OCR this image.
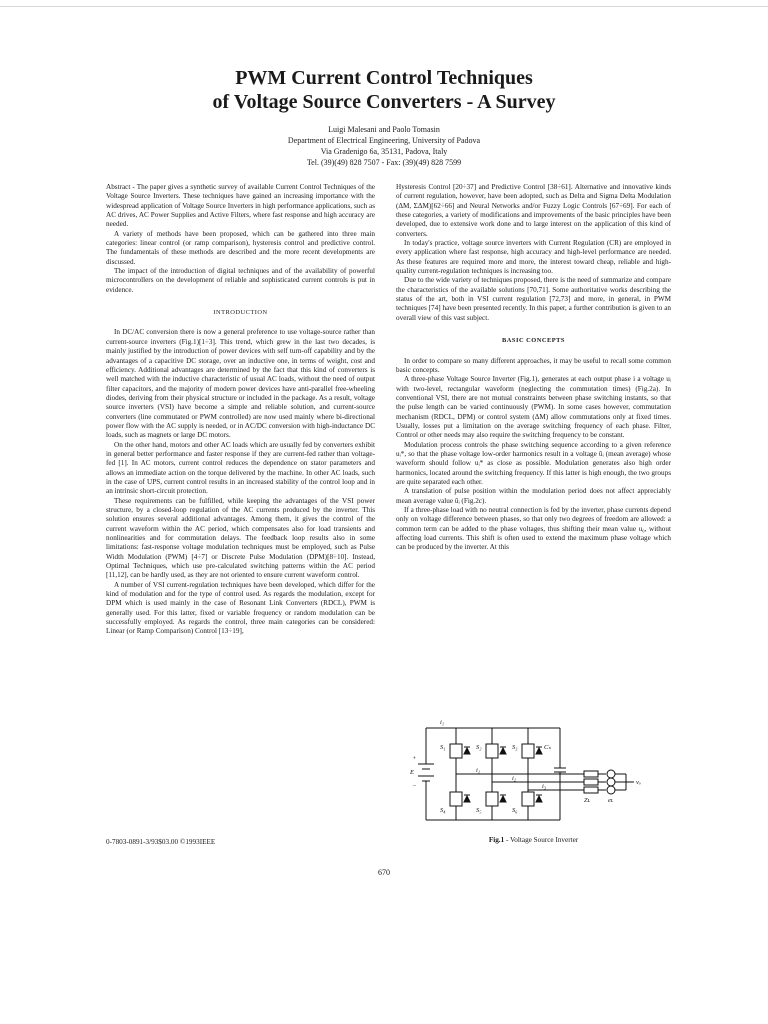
PWM Current Control Techniques
of Voltage Source Converters - A Survey
Luigi Malesani and Paolo Tomasin
Department of Electrical Engineering, University of Padova
Via Gradenigo 6a, 35131, Padova, Italy
Tel. (39)(49) 828 7507 - Fax: (39)(49) 828 7599

Abstract - The paper gives a synthetic survey of available Current Control Techniques of the Voltage Source Inverters. These techniques have gained an increasing importance with the widespread application of Voltage Source Inverters in high performance applications, such as AC drives, AC Power Supplies and Active Filters, where fast response and high accuracy are needed.

A variety of methods have been proposed, which can be gathered into three main categories: linear control (or ramp comparison), hysteresis control and predictive control. The fundamentals of these methods are described and the more recent developments are discussed.

The impact of the introduction of digital techniques and of the availability of powerful microcontrollers on the development of reliable and sophisticated current controls is put in evidence.

INTRODUCTION

In DC/AC conversion there is now a general preference to use voltage-source rather than current-source inverters (Fig.1)[1÷3]. This trend, which grew in the last two decades, is mainly justified by the introduction of power devices with self turn-off capability and by the advantages of a capacitive DC storage, over an inductive one, in terms of weight, cost and efficiency. Additional advantages are determined by the fact that this kind of converters is well matched with the inductive characteristic of usual AC loads, without the need of output filter capacitors, and the majority of modern power devices have anti-parallel free-wheeling diodes, deriving from their physical structure or included in the package. As a result, voltage source inverters (VSI) have become a simple and reliable solution, and current-source converters (line commutated or PWM controlled) are now used mainly where bi-directional power flow with the AC supply is needed, or in AC/DC conversion with high-inductance DC loads, such as magnets or large DC motors.

On the other hand, motors and other AC loads which are usually fed by converters exhibit in general better performance and faster response if they are current-fed rather than voltage-fed [1]. In AC motors, current control reduces the dependence on stator parameters and allows an immediate action on the torque delivered by the machine. In other AC loads, such in the case of UPS, current control results in an increased stability of the control loop and in an intrinsic short-circuit protection.

These requirements can be fulfilled, while keeping the advantages of the VSI power structure, by a closed-loop regulation of the AC currents produced by the inverter. This solution ensures several additional advantages. Among them, it gives the control of the current waveform within the AC period, which compensates also for load transients and nonlinearities and for commutation delays. The feedback loop results also in some limitations: fast-response voltage modulation techniques must be employed, such as Pulse Width Modulation (PWM) [4÷7] or Discrete Pulse Modulation (DPM)[8÷10]. Instead, Optimal Techniques, which use pre-calculated switching patterns within the AC period [11,12], can be hardly used, as they are not oriented to ensure current waveform control.

A number of VSI current-regulation techniques have been developed, which differ for the kind of modulation and for the type of control used. As regards the modulation, except for DPM which is used mainly in the case of Resonant Link Converters (RDCL), PWM is generally used. For this latter, fixed or variable frequency or random modulation can be successfully employed. As regards the control, three main categories can be considered: Linear (or Ramp Comparison) Control [13÷19],

0-7803-0891-3/93$03.00 ©1993IEEE

Hysteresis Control [20÷37] and Predictive Control [38÷61]. Alternative and innovative kinds of current regulation, however, have been adopted, such as Delta and Sigma Delta Modulation (ΔM, ΣΔM)[62÷66] and Neural Networks and/or Fuzzy Logic Controls [67÷69]. For each of these categories, a variety of modifications and improvements of the basic principles have been developed, due to extensive work done and to large interest on the application of this kind of converters.

In today's practice, voltage source inverters with Current Regulation (CR) are employed in every application where fast response, high accuracy and high-level performance are needed. As these features are required more and more, the interest toward cheap, reliable and high-quality current-regulation techniques is increasing too.

Due to the wide variety of techniques proposed, there is the need of summarize and compare the characteristics of the available solutions [70,71]. Some authoritative works describing the status of the art, both in VSI current regulation [72,73] and more, in general, in PWM techniques [74] have been presented recently. In this paper, a further contribution is given to an overall view of this vast subject.

BASIC CONCEPTS

In order to compare so many different approaches, it may be useful to recall some common basic concepts.

A three-phase Voltage Source Inverter (Fig.1), generates at each output phase i a voltage uᵢ with two-level, rectangular waveform (neglecting the commutation times) (Fig.2a). In conventional VSI, there are not mutual constraints between phase switching instants, so that the pulse length can be varied continuously (PWM). In some cases however, commutation mechanism (RDCL, DPM) or control system (ΔM) allow commutations only at fixed times. Usually, losses put a limitation on the average switching frequency of each phase. Filter, Control or other needs may also require the switching frequency to be constant.

Modulation process controls the phase switching sequence according to a given reference uᵢ*, so that the phase voltage low-order harmonics result in a voltage ūᵢ (mean average) whose waveform should follow uᵢ* as close as possible. Modulation generates also high order harmonics, located around the switching frequency. If this latter is high enough, the two groups are quite separated each other.

A translation of pulse position within the modulation period does not affect appreciably mean average value ūᵢ (Fig.2c).

If a three-phase load with no neutral connection is fed by the inverter, phase currents depend only on voltage difference between phases, so that only two degrees of freedom are allowed: a common term can be added to the phase voltages, thus shifting their mean value u₀, without affecting load currents. This shift is often used to extend the maximum phase voltage which can be produced by the inverter. At this

i₁
S₁	S₂	S₃	Cₛ
S₄	S₅	S₆
E
+
−
i₁
i₂
i₃
Zʟ	eʟ
vₒ
Fig.1 - Voltage Source Inverter
670
